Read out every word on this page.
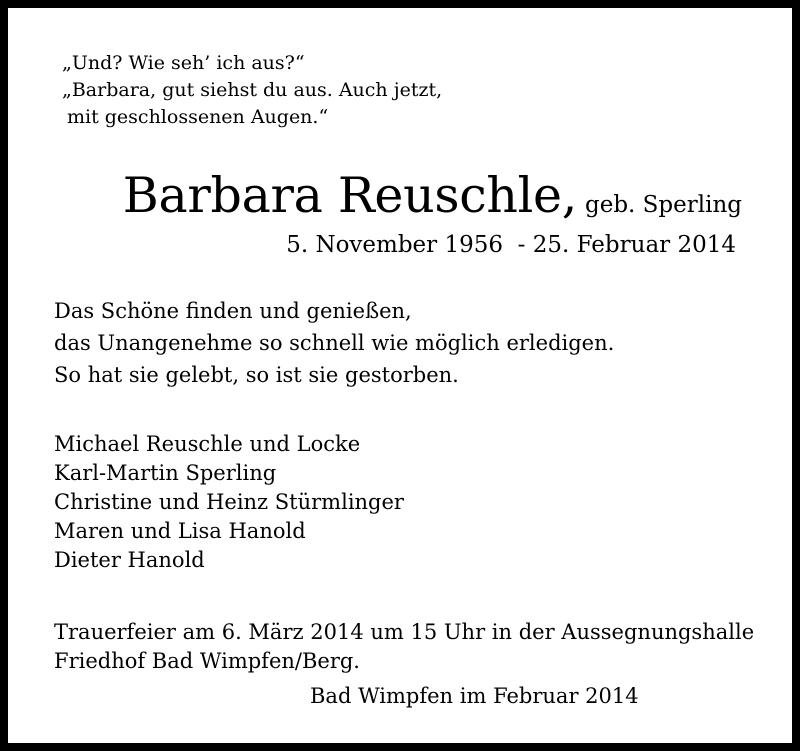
„Und? Wie seh’ ich aus?“
„Barbara, gut siehst du aus. Auch jetzt,
mit geschlossenen Augen.“
Barbara Reuschle, geb. Sperling
5. November 1956  - 25. Februar 2014
Das Schöne finden und genießen,
das Unangenehme so schnell wie möglich erledigen.
So hat sie gelebt, so ist sie gestorben.
Michael Reuschle und Locke
Karl-Martin Sperling
Christine und Heinz Stürmlinger
Maren und Lisa Hanold
Dieter Hanold
Trauerfeier am 6. März 2014 um 15 Uhr in der Aussegnungshalle
Friedhof Bad Wimpfen/Berg.
Bad Wimpfen im Februar 2014
